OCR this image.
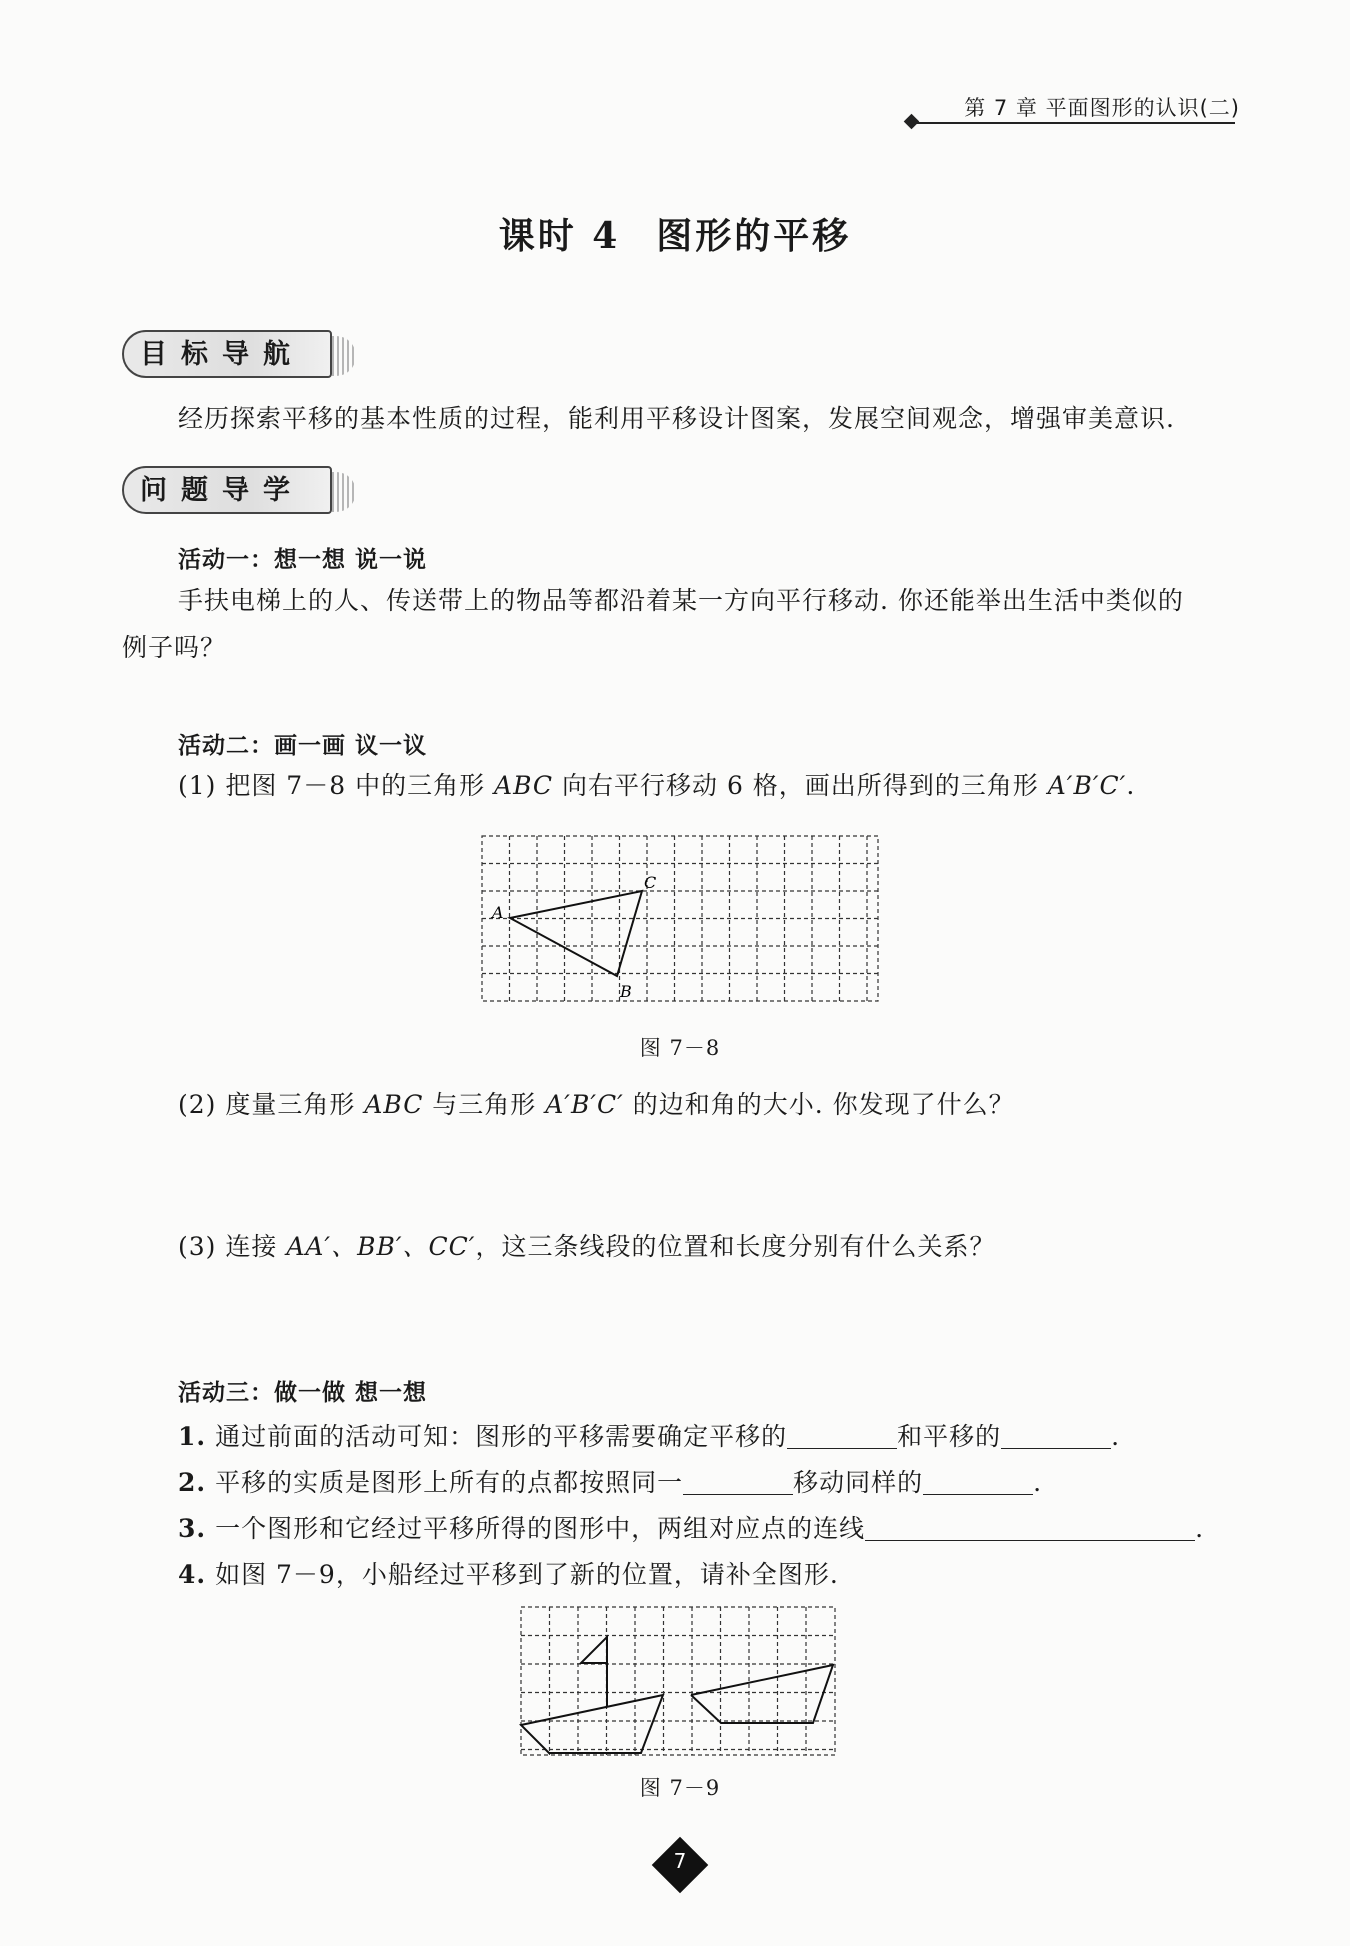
第 7 章 平面图形的认识(二)
课时 4 图形的平移
目标导航
经历探索平移的基本性质的过程，能利用平移设计图案，发展空间观念，增强审美意识.
问题导学
活动一：想一想 说一说
手扶电梯上的人、传送带上的物品等都沿着某一方向平行移动. 你还能举出生活中类似的
例子吗？
活动二：画一画 议一议
(1) 把图 7－8 中的三角形 ABC 向右平行移动 6 格，画出所得到的三角形 A′B′C′.
A
B
C
图 7－8
(2) 度量三角形 ABC 与三角形 A′B′C′ 的边和角的大小. 你发现了什么？
(3) 连接 AA′、BB′、CC′，这三条线段的位置和长度分别有什么关系？
活动三：做一做 想一想
1. 通过前面的活动可知：图形的平移需要确定平移的	和平移的	.
2. 平移的实质是图形上所有的点都按照同一	移动同样的	.
3. 一个图形和它经过平移所得的图形中，两组对应点的连线	.
4. 如图 7－9，小船经过平移到了新的位置，请补全图形.
图 7－9
7
